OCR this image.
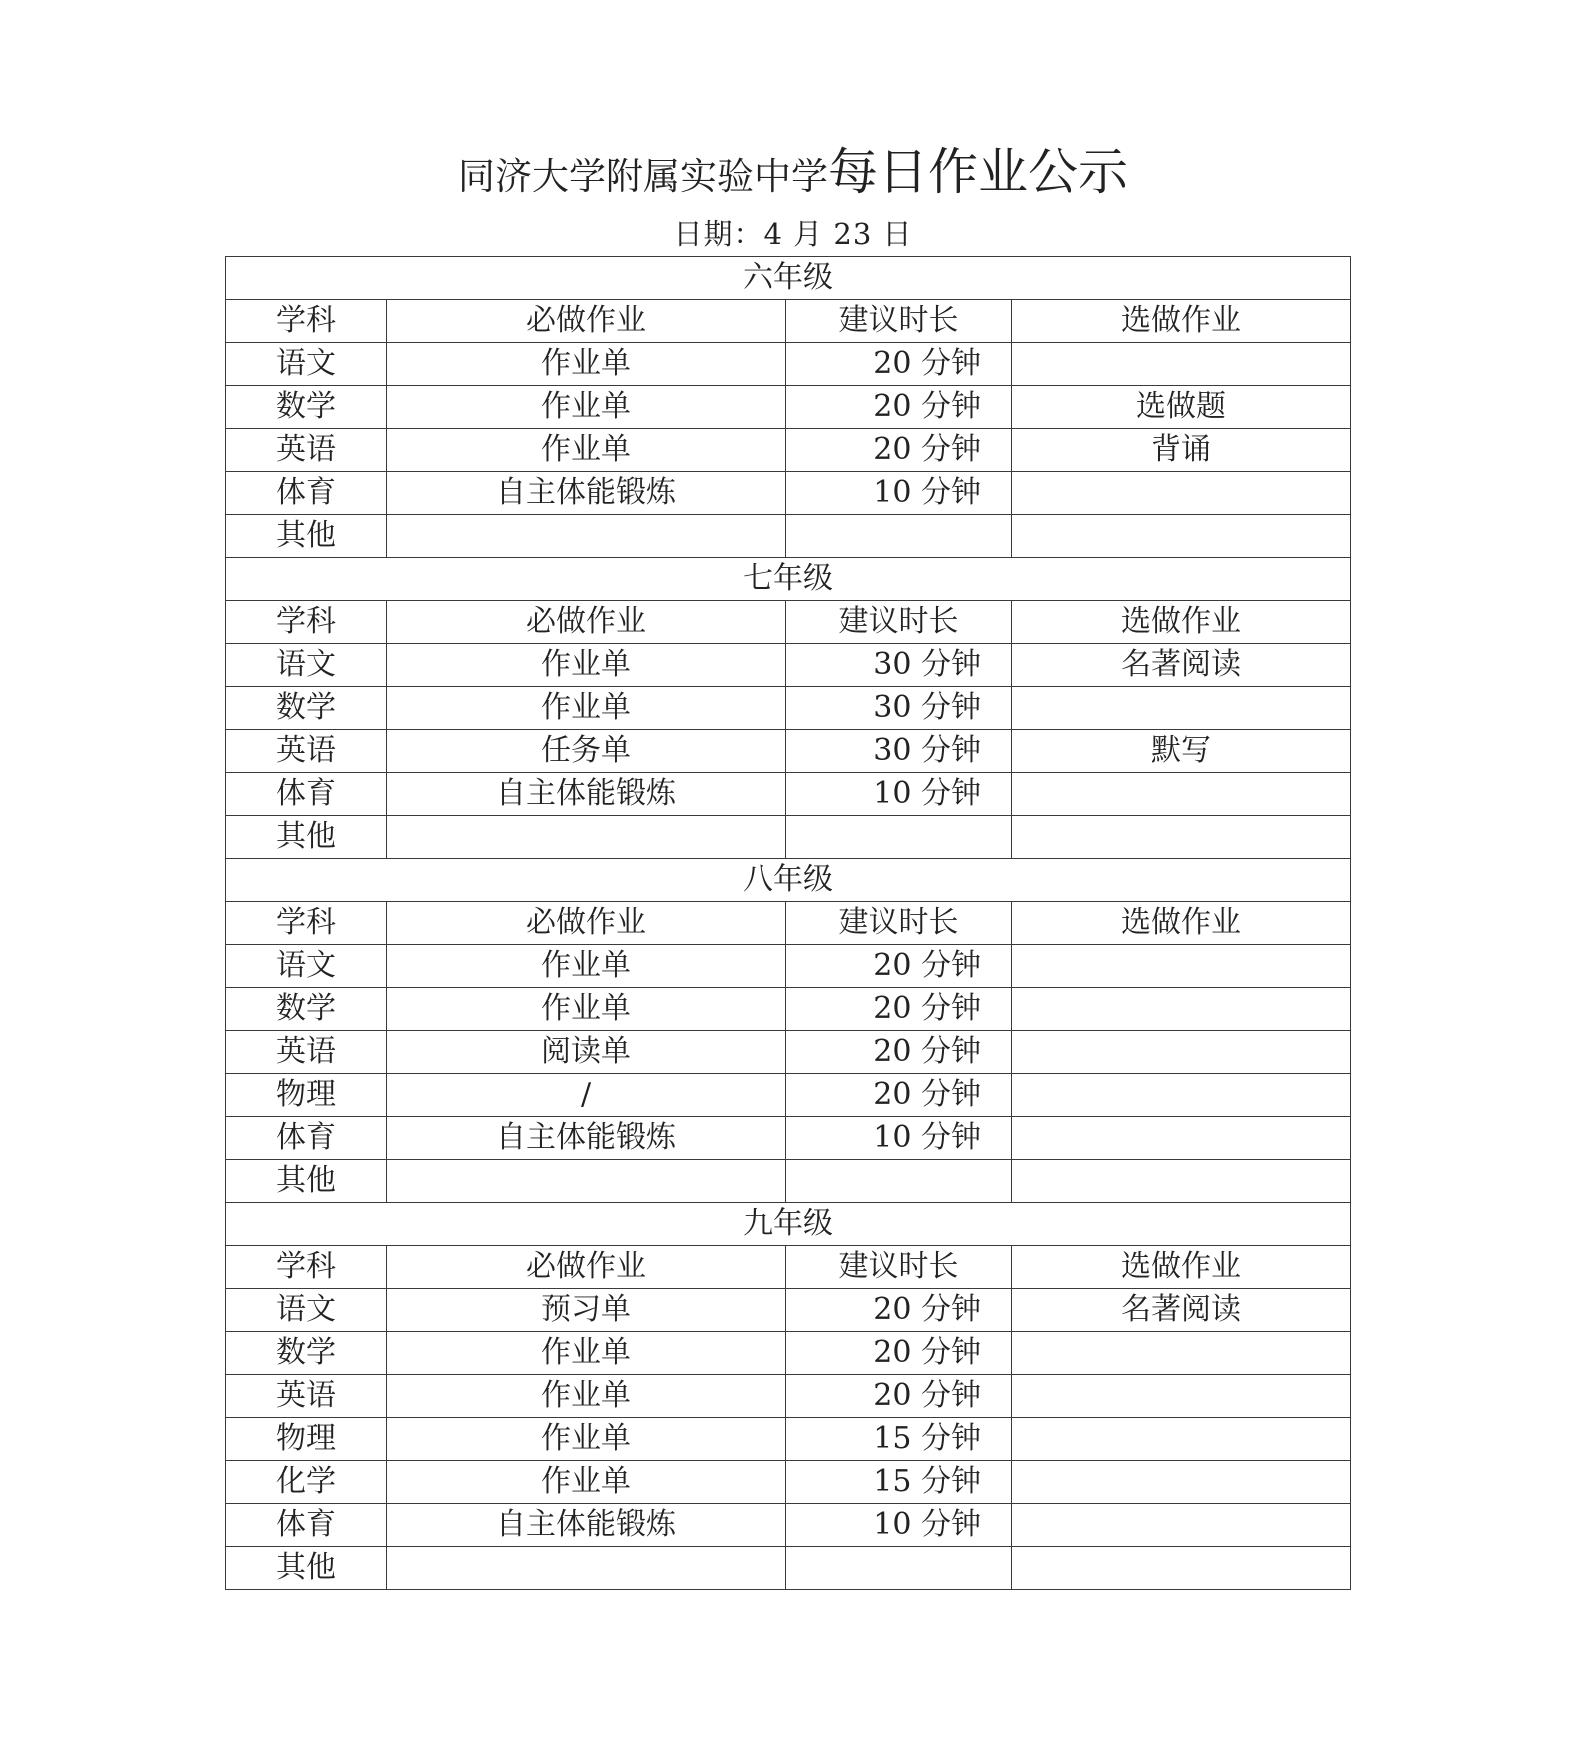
同济大学附属实验中学每日作业公示
日期：4 月 23 日
六年级			
学科	必做作业	建议时长	选做作业
语文	作业单	20 分钟	
数学	作业单	20 分钟	选做题
英语	作业单	20 分钟	背诵
体育	自主体能锻炼	10 分钟	
其他			
七年级			
学科	必做作业	建议时长	选做作业
语文	作业单	30 分钟	名著阅读
数学	作业单	30 分钟	
英语	任务单	30 分钟	默写
体育	自主体能锻炼	10 分钟	
其他			
八年级			
学科	必做作业	建议时长	选做作业
语文	作业单	20 分钟	
数学	作业单	20 分钟	
英语	阅读单	20 分钟	
物理	/	20 分钟	
体育	自主体能锻炼	10 分钟	
其他			
九年级			
学科	必做作业	建议时长	选做作业
语文	预习单	20 分钟	名著阅读
数学	作业单	20 分钟	
英语	作业单	20 分钟	
物理	作业单	15 分钟	
化学	作业单	15 分钟	
体育	自主体能锻炼	10 分钟	
其他			
